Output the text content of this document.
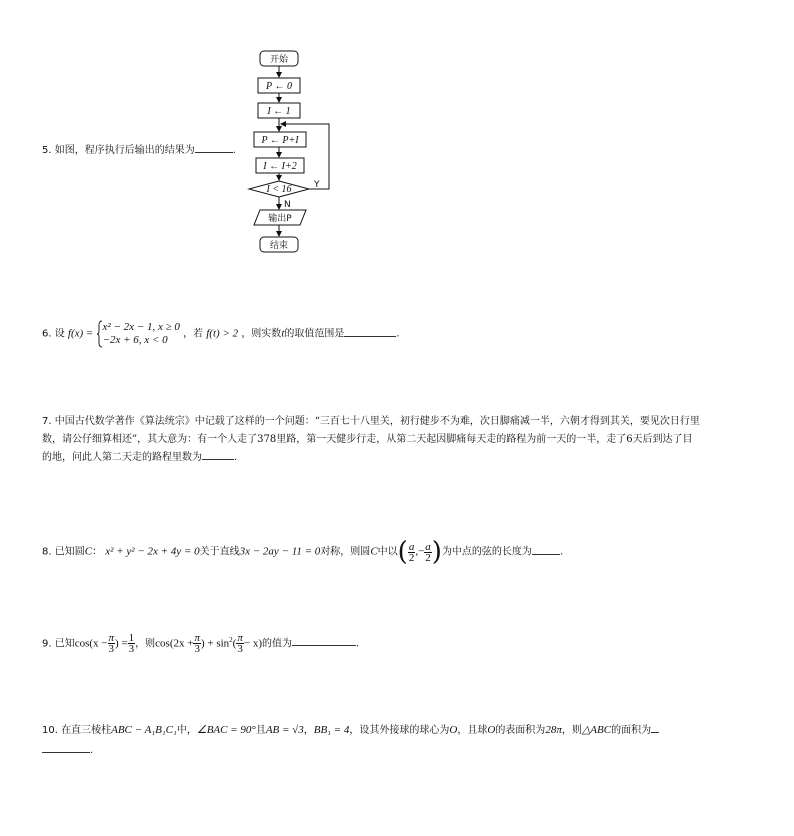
5. 如图，程序执行后输出的结果为	.
开始
P ← 0
I ← 1
P ← P+I
I ← I+2
I < 16 Y
N
输出P
结束
6. 设 f(x) =
x² − 2x − 1, x ≥ 0
−2x + 6, x < 0	，若 f(t) > 2 ，则实数t的取值范围是	.
7. 中国古代数学著作《算法统宗》中记载了这样的一个问题：“三百七十八里关，初行健步不为难，次日脚痛减一半，六朝才得到其关，要见次日行里数，请公仔细算相还”，其大意为：有一个人走了378里路，第一天健步行走，从第二天起因脚痛每天走的路程为前一天的一半，走了6天后到达了目的地，问此人第二天走的路程里数为	.
8. 已知圆C： x² + y² − 2x + 4y = 0关于直线3x − 2ay − 11 = 0对称，则圆C中以( $\frac{a}{2}$ ,− $\frac{a}{2}$ )为中点的弦的长度为	.
9. 已知$\cos(x - \frac{\pi}{3}$ ) = $\frac{1}{3}$ ，则$\cos(2x + \frac{\pi}{3}$ ) + $\sin^2( \frac{\pi}{3} - x)$的值为	.
10. 在直三棱柱ABC − A₁B₁C₁中，∠BAC = 90°且AB = √3，BB₁ = 4，设其外接球的球心为O，且球O的表面积为28π，则△ABC的面积为
.
